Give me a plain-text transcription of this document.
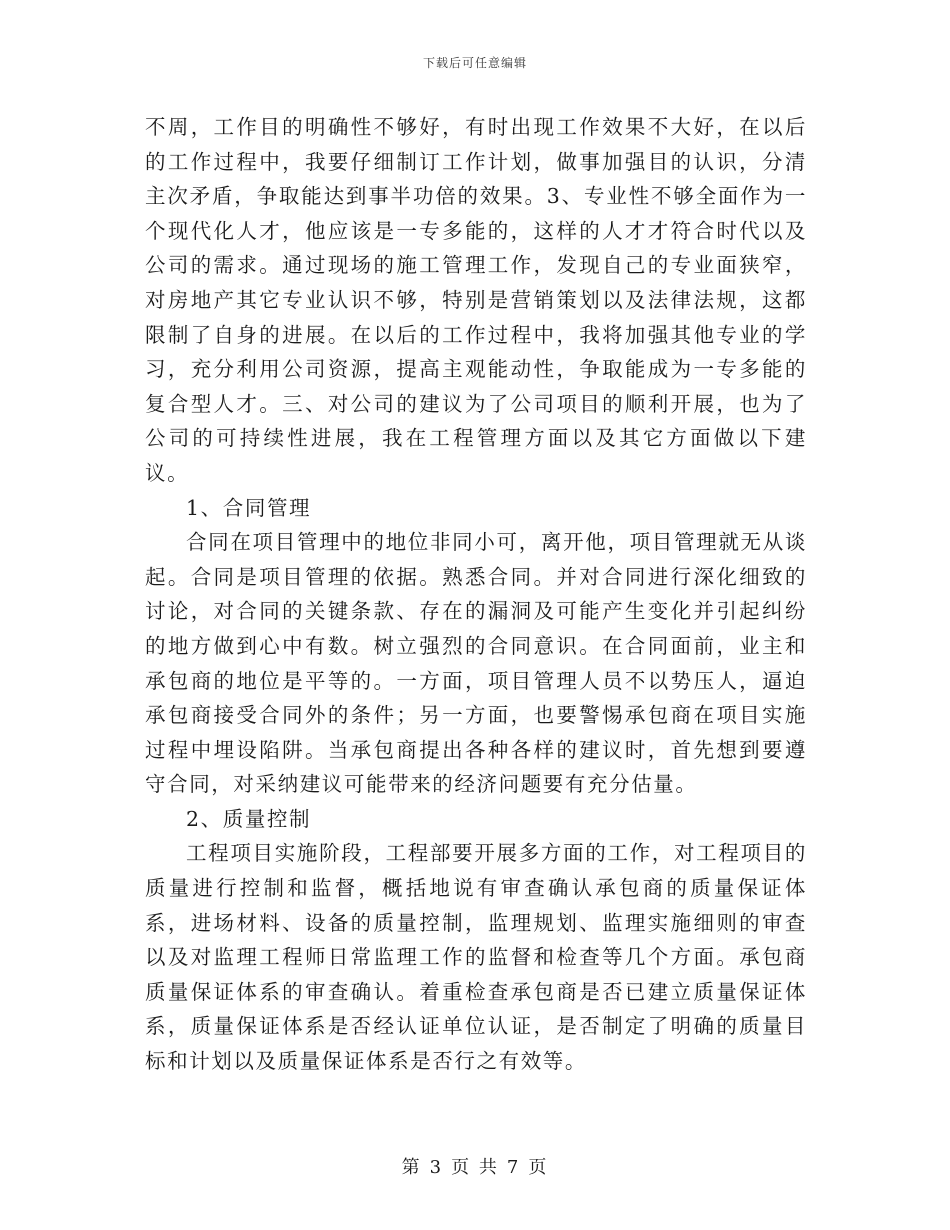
下载后可任意编辑

不周，工作目的明确性不够好，有时出现工作效果不大好，在以后的工作过程中，我要仔细制订工作计划，做事加强目的认识，分清主次矛盾，争取能达到事半功倍的效果。3、专业性不够全面作为一个现代化人才，他应该是一专多能的，这样的人才才符合时代以及公司的需求。通过现场的施工管理工作，发现自己的专业面狭窄，对房地产其它专业认识不够，特别是营销策划以及法律法规，这都限制了自身的进展。在以后的工作过程中，我将加强其他专业的学习，充分利用公司资源，提高主观能动性，争取能成为一专多能的复合型人才。三、对公司的建议为了公司项目的顺利开展，也为了公司的可持续性进展，我在工程管理方面以及其它方面做以下建议。

1、合同管理

合同在项目管理中的地位非同小可，离开他，项目管理就无从谈起。合同是项目管理的依据。熟悉合同。并对合同进行深化细致的讨论，对合同的关键条款、存在的漏洞及可能产生变化并引起纠纷的地方做到心中有数。树立强烈的合同意识。在合同面前，业主和承包商的地位是平等的。一方面，项目管理人员不以势压人，逼迫承包商接受合同外的条件；另一方面，也要警惕承包商在项目实施过程中埋设陷阱。当承包商提出各种各样的建议时，首先想到要遵守合同，对采纳建议可能带来的经济问题要有充分估量。

2、质量控制

工程项目实施阶段，工程部要开展多方面的工作，对工程项目的质量进行控制和监督，概括地说有审查确认承包商的质量保证体系，进场材料、设备的质量控制，监理规划、监理实施细则的审查以及对监理工程师日常监理工作的监督和检查等几个方面。承包商质量保证体系的审查确认。着重检查承包商是否已建立质量保证体系，质量保证体系是否经认证单位认证，是否制定了明确的质量目标和计划以及质量保证体系是否行之有效等。

第 3 页 共 7 页
